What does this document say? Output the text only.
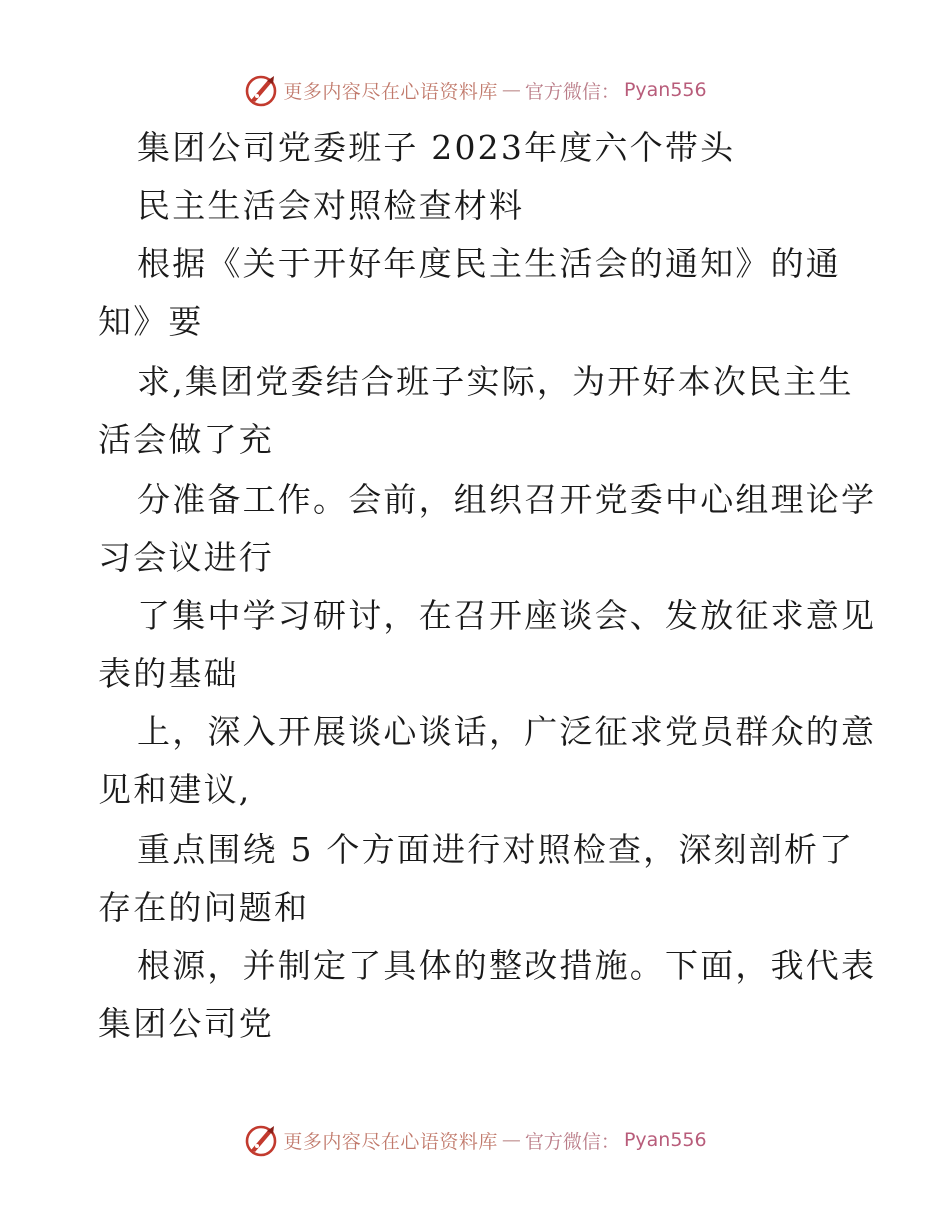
更多内容尽在心语资料库 — 官方微信： Pyan556
集团公司党委班子 2023年度六个带头
民主生活会对照检查材料
根据《关于开好年度民主生活会的通知》的通
知》要
求,集团党委结合班子实际，为开好本次民主生
活会做了充
分准备工作。会前，组织召开党委中心组理论学
习会议进行
了集中学习研讨，在召开座谈会、发放征求意见
表的基础
上，深入开展谈心谈话，广泛征求党员群众的意
见和建议,
重点围绕 5 个方面进行对照检查，深刻剖析了
存在的问题和
根源，并制定了具体的整改措施。下面，我代表
集团公司党
更多内容尽在心语资料库 — 官方微信： Pyan556
